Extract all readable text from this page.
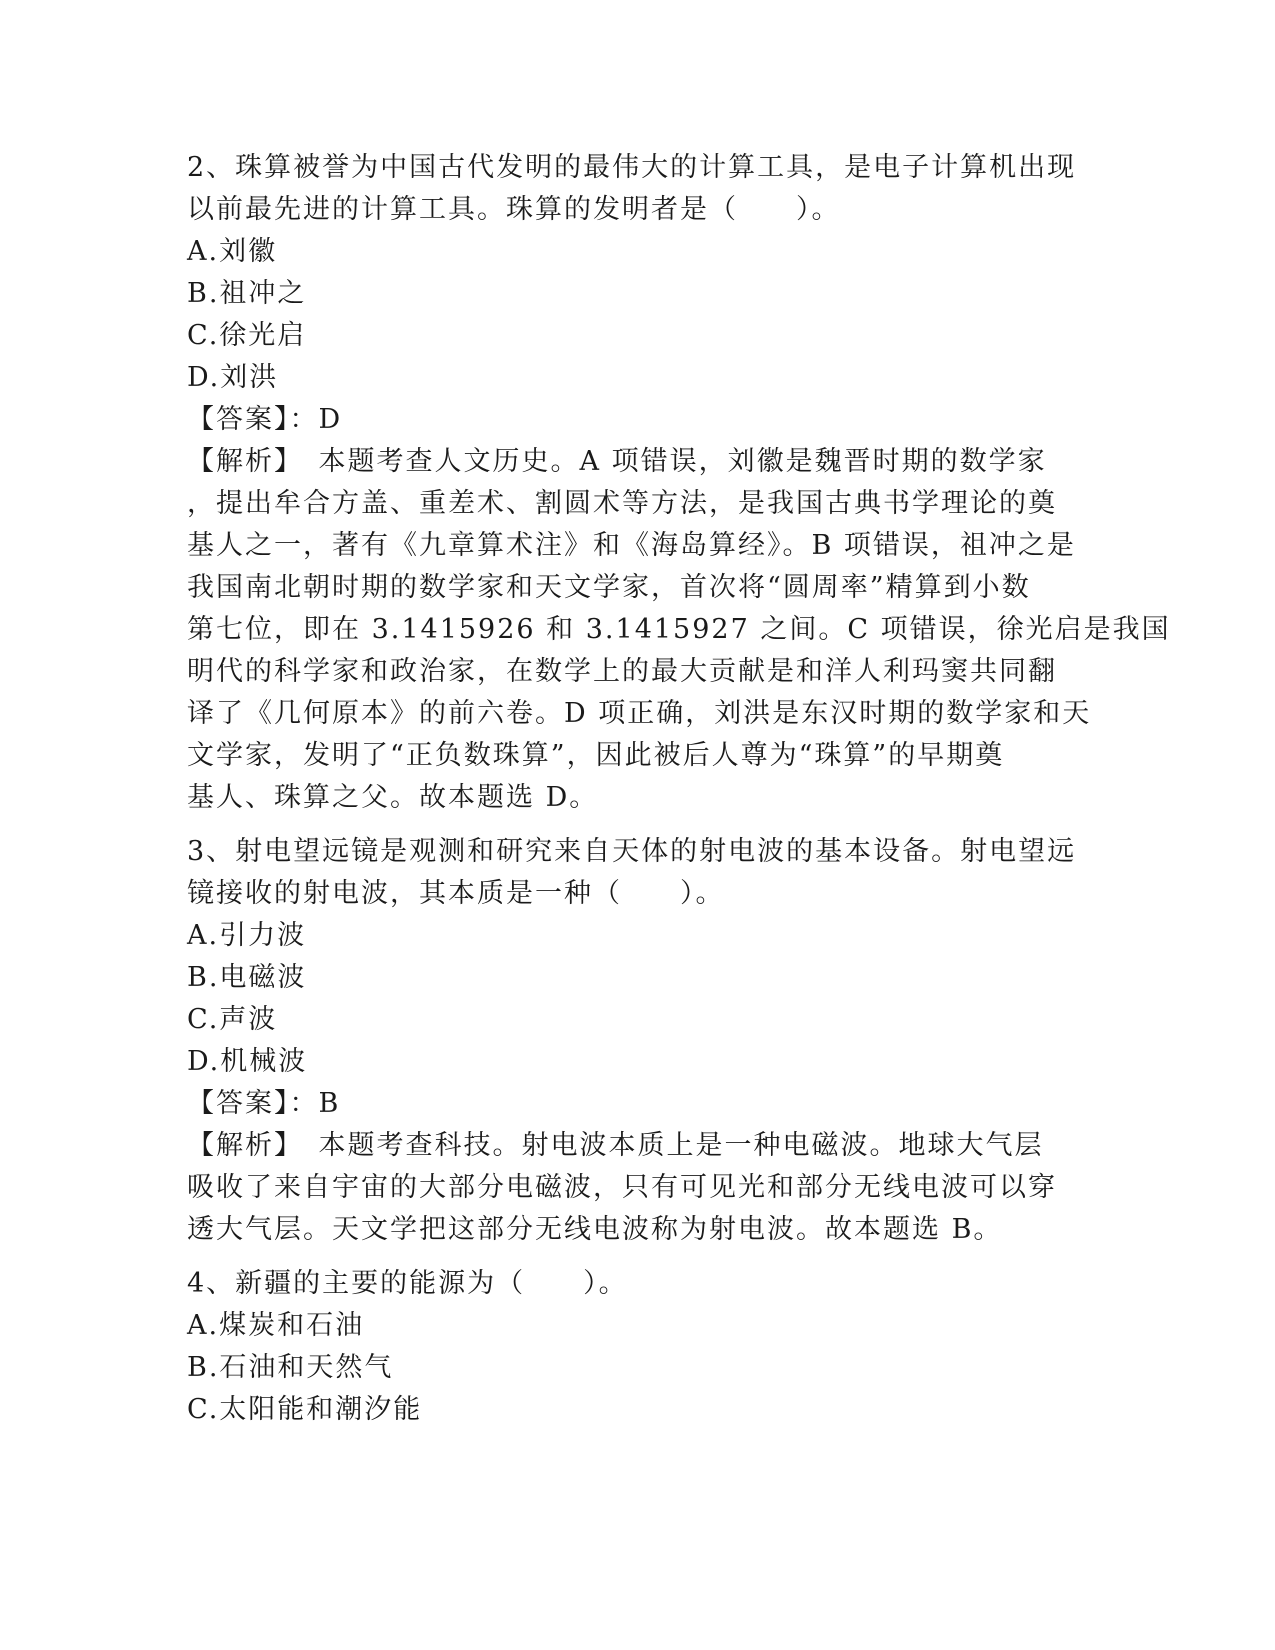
2、珠算被誉为中国古代发明的最伟大的计算工具，是电子计算机出现

以前最先进的计算工具。珠算的发明者是（　　）。

A.刘徽

B.祖冲之

C.徐光启

D.刘洪

【答案】：D

【解析】　本题考查人文历史。A 项错误，刘徽是魏晋时期的数学家

，提出牟合方盖、重差术、割圆术等方法，是我国古典书学理论的奠

基人之一，著有《九章算术注》和《海岛算经》。B 项错误，祖冲之是

我国南北朝时期的数学家和天文学家，首次将“圆周率”精算到小数

第七位，即在 3.1415926 和 3.1415927 之间。C 项错误，徐光启是我国

明代的科学家和政治家，在数学上的最大贡献是和洋人利玛窦共同翻

译了《几何原本》的前六卷。D 项正确，刘洪是东汉时期的数学家和天

文学家，发明了“正负数珠算”，因此被后人尊为“珠算”的早期奠

基人、珠算之父。故本题选 D。

3、射电望远镜是观测和研究来自天体的射电波的基本设备。射电望远

镜接收的射电波，其本质是一种（　　）。

A.引力波

B.电磁波

C.声波

D.机械波

【答案】：B

【解析】　本题考查科技。射电波本质上是一种电磁波。地球大气层

吸收了来自宇宙的大部分电磁波，只有可见光和部分无线电波可以穿

透大气层。天文学把这部分无线电波称为射电波。故本题选 B。

4、新疆的主要的能源为（　　）。

A.煤炭和石油

B.石油和天然气

C.太阳能和潮汐能
